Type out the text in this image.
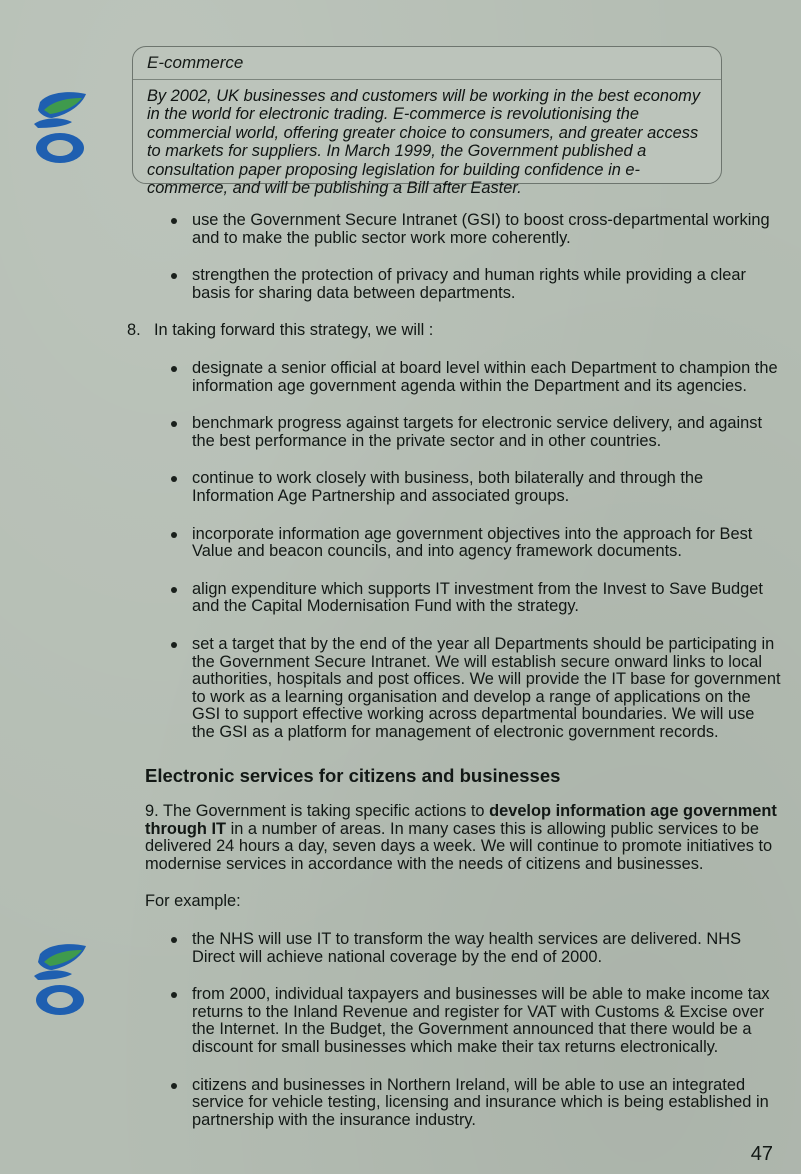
E-commerce
By 2002, UK businesses and customers will be working in the best economy in the world for electronic trading. E-commerce is revolutionising the commercial world, offering greater choice to consumers, and greater access to markets for suppliers. In March 1999, the Government published a consultation paper proposing legislation for building confidence in e-commerce, and will be publishing a Bill after Easter.
use the Government Secure Intranet (GSI) to boost cross-departmental working and to make the public sector work more coherently.
strengthen the protection of privacy and human rights while providing a clear basis for sharing data between departments.
8. In taking forward this strategy, we will :
designate a senior official at board level within each Department to champion the information age government agenda within the Department and its agencies.
benchmark progress against targets for electronic service delivery, and against the best performance in the private sector and in other countries.
continue to work closely with business, both bilaterally and through the Information Age Partnership and associated groups.
incorporate information age government objectives into the approach for Best Value and beacon councils, and into agency framework documents.
align expenditure which supports IT investment from the Invest to Save Budget and the Capital Modernisation Fund with the strategy.
set a target that by the end of the year all Departments should be participating in the Government Secure Intranet. We will establish secure onward links to local authorities, hospitals and post offices. We will provide the IT base for government to work as a learning organisation and develop a range of applications on the GSI to support effective working across departmental boundaries. We will use the GSI as a platform for management of electronic government records.
Electronic services for citizens and businesses
9. The Government is taking specific actions to develop information age government through IT in a number of areas. In many cases this is allowing public services to be delivered 24 hours a day, seven days a week. We will continue to promote initiatives to modernise services in accordance with the needs of citizens and businesses.
For example:
the NHS will use IT to transform the way health services are delivered. NHS Direct will achieve national coverage by the end of 2000.
from 2000, individual taxpayers and businesses will be able to make income tax returns to the Inland Revenue and register for VAT with Customs & Excise over the Internet. In the Budget, the Government announced that there would be a discount for small businesses which make their tax returns electronically.
citizens and businesses in Northern Ireland, will be able to use an integrated service for vehicle testing, licensing and insurance which is being established in partnership with the insurance industry.
47
